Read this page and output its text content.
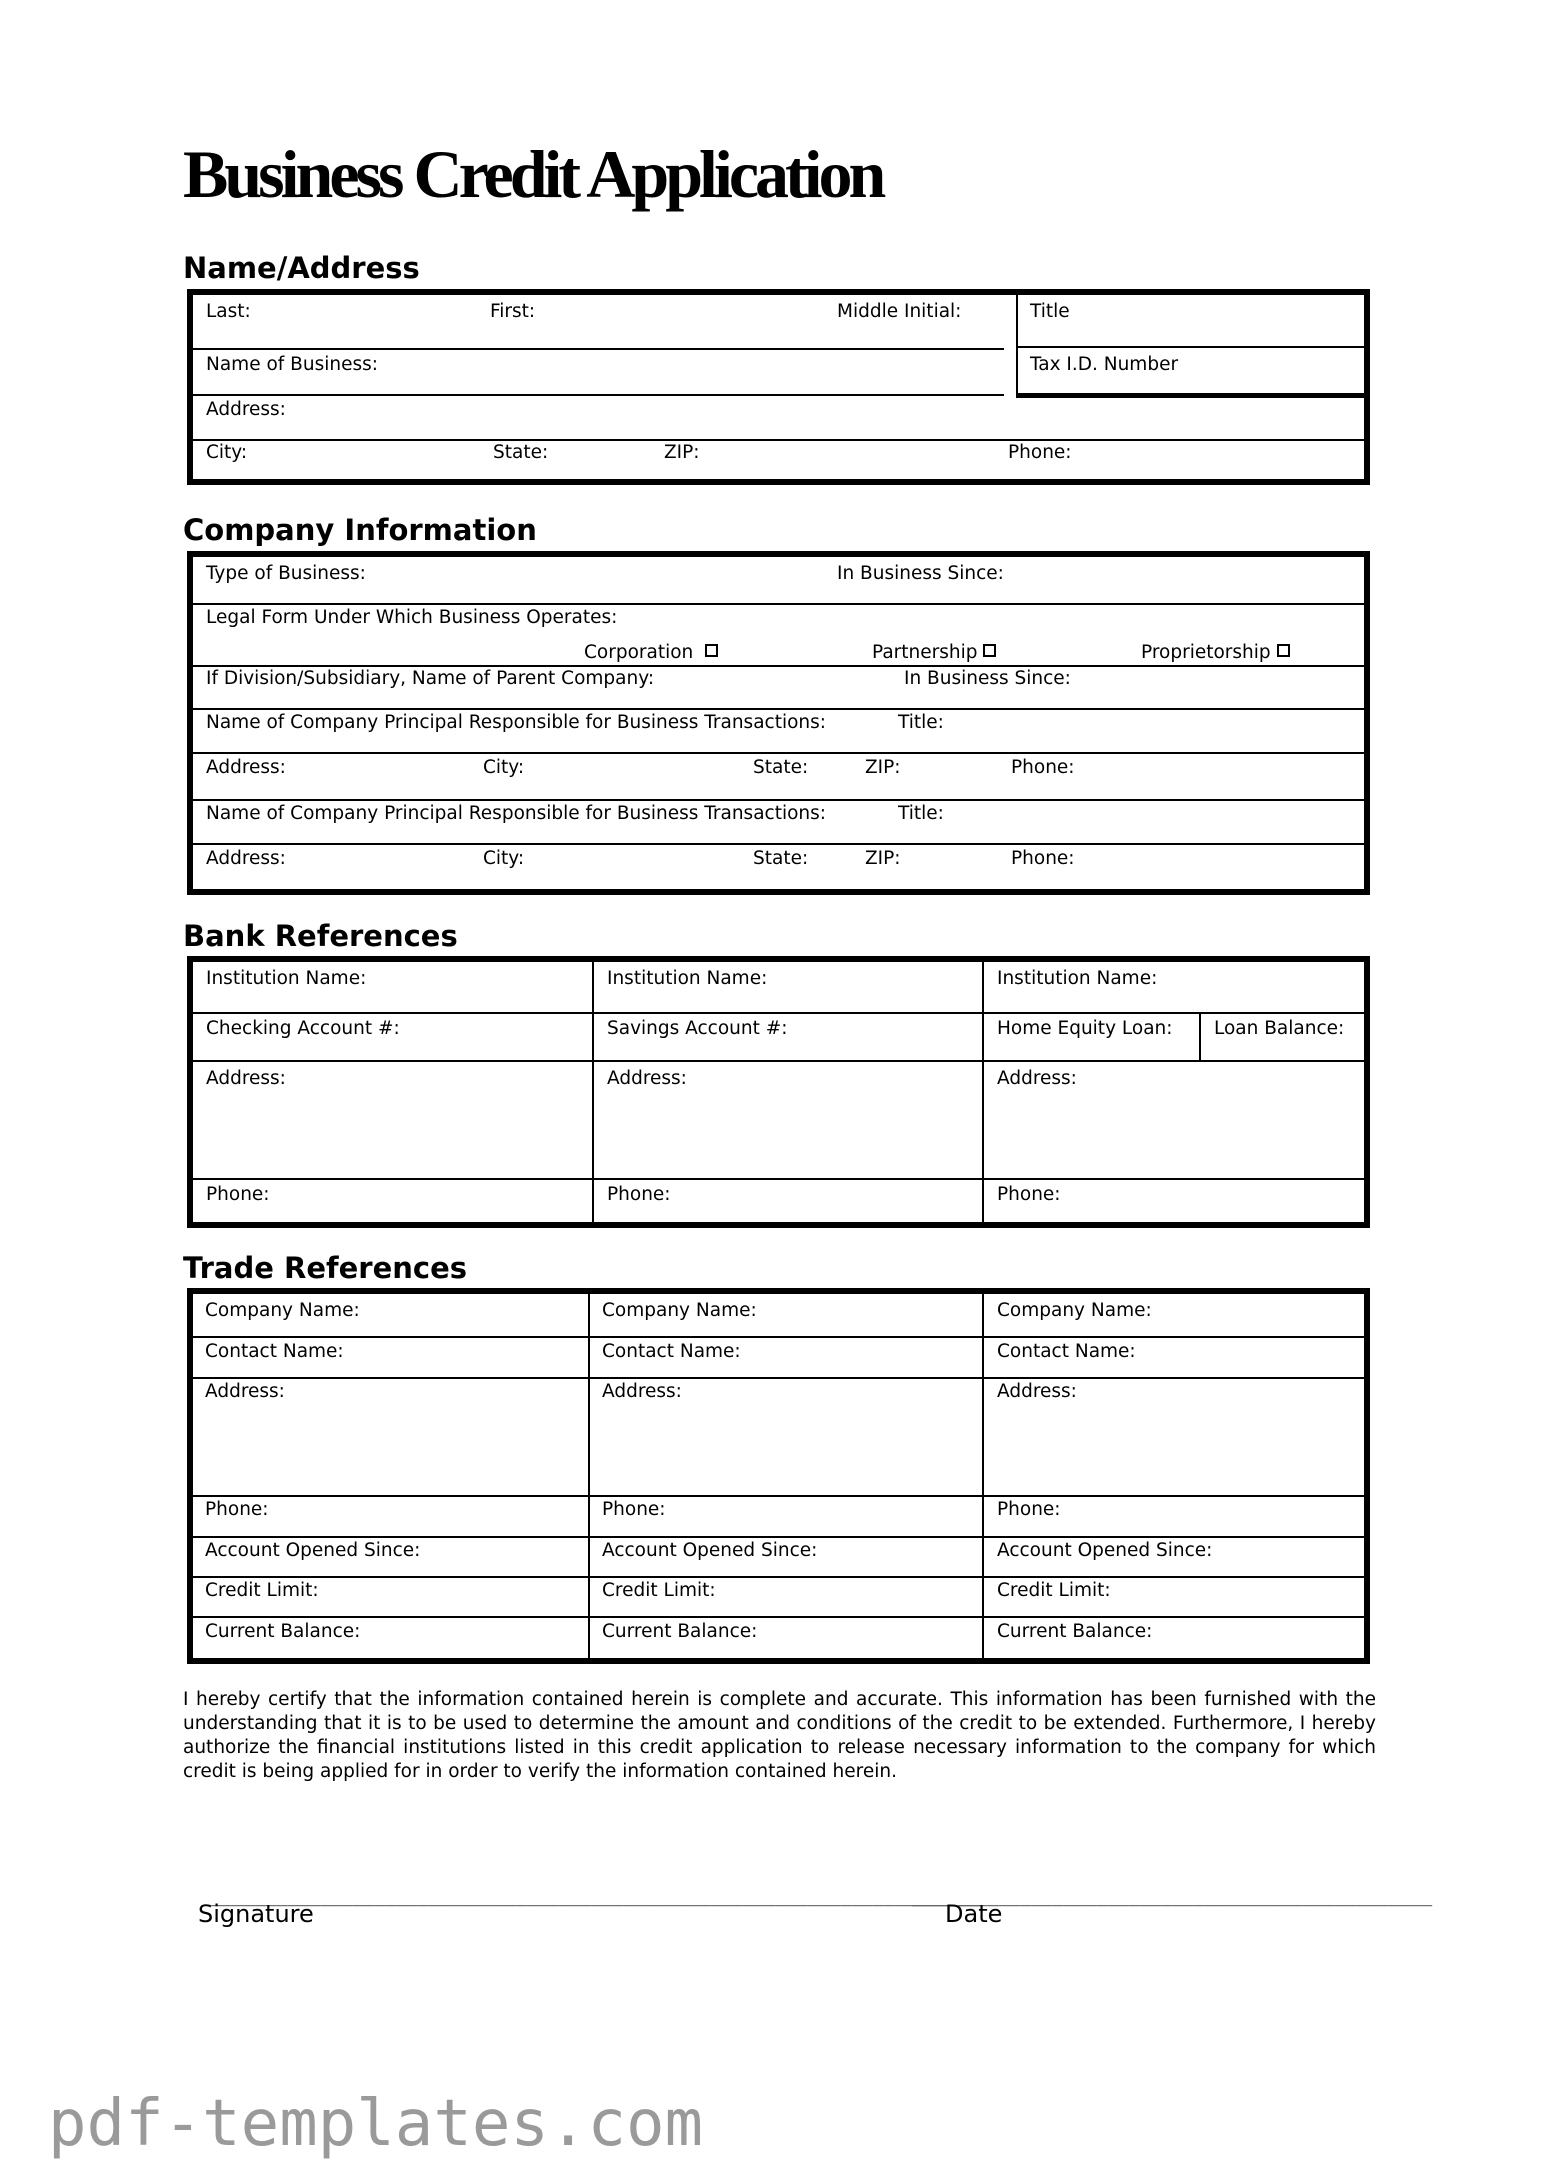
Business Credit Application
Name/Address
Last:	First:	Middle Initial:	Title
Name of Business:	Tax I.D. Number
Address:
City:	State:	ZIP:	Phone:
Company Information
Type of Business:	In Business Since:
Legal Form Under Which Business Operates:
Corporation	Partnership	Proprietorship
If Division/Subsidiary, Name of Parent Company:	In Business Since:
Name of Company Principal Responsible for Business Transactions:	Title:
Address:	City:	State:	ZIP:	Phone:
Name of Company Principal Responsible for Business Transactions:	Title:
Address:	City:	State:	ZIP:	Phone:
Bank References
Institution Name:	Institution Name:	Institution Name:
Checking Account #:	Savings Account #:	Home Equity Loan: Loan Balance:
Address:	Address:	Address:
Phone:	Phone:	Phone:
Trade References
Company Name:	Company Name:	Company Name:
Contact Name:	Contact Name:	Contact Name:
Address:	Address:	Address:
Phone:	Phone:	Phone:
Account Opened Since:	Account Opened Since:	Account Opened Since:
Credit Limit:	Credit Limit:	Credit Limit:
Current Balance:	Current Balance:	Current Balance:
I hereby certify that the information contained herein is complete and accurate. This information has been furnished with the understanding that it is to be used to determine the amount and conditions of the credit to be extended. Furthermore, I hereby authorize the financial institutions listed in this credit application to release necessary information to the company for which credit is being applied for in order to verify the information contained herein.
________________________________________________________________________
Signature
________________________________________________
Date
pdf-templates.com
